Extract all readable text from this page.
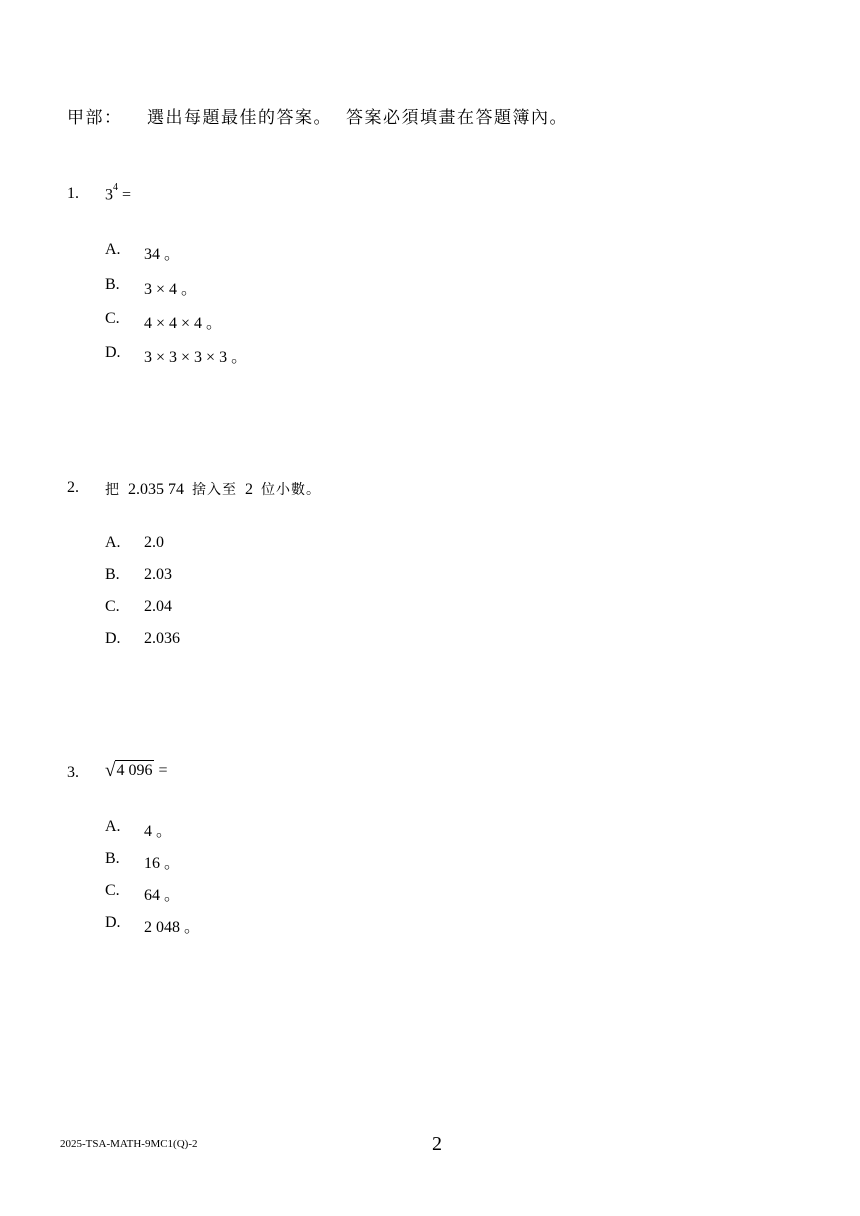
甲部： 選出每題最佳的答案。 答案必須填畫在答題簿內。
1. $3^4$ =
A. 34 。
B. 3 × 4 。
C. 4 × 4 × 4 。
D. 3 × 3 × 3 × 3 。
2. 把 2.035 74 捨入至 2 位小數。
A. 2.0
B. 2.03
C. 2.04
D. 2.036
3. √4 096 =
A. 4 。
B. 16 。
C. 64 。
D. 2 048 。
2025-TSA-MATH-9MC1(Q)-2	2
